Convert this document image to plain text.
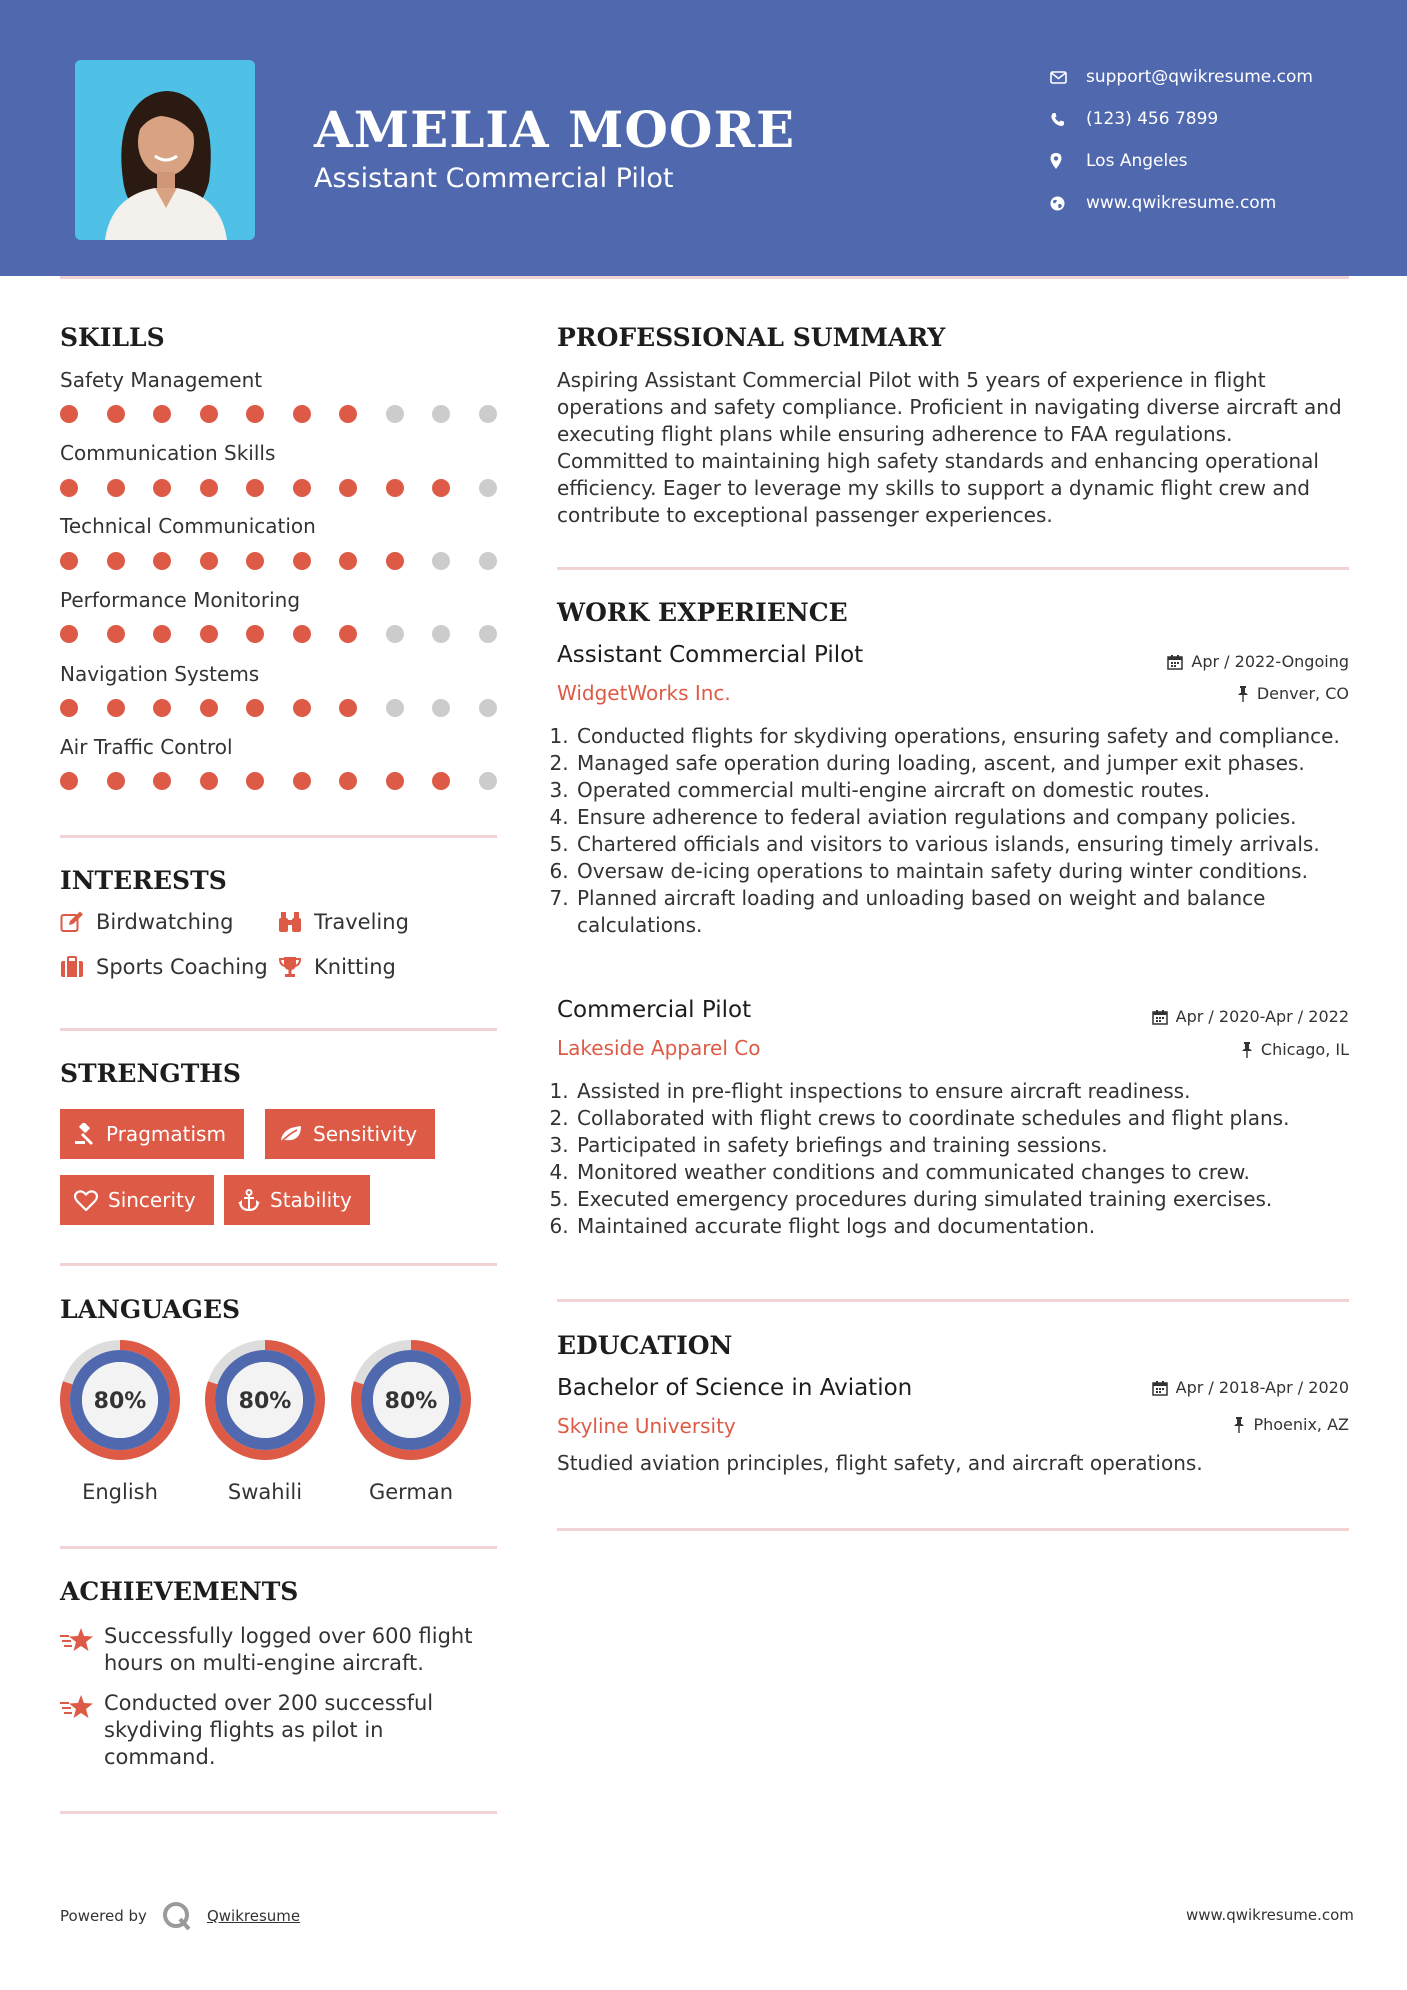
AMELIA MOORE
Assistant Commercial Pilot
support@qwikresume.com
(123) 456 7899
Los Angeles
www.qwikresume.com
SKILLS
Safety Management
Communication Skills
Technical Communication
Performance Monitoring
Navigation Systems
Air Traffic Control
INTERESTS
Birdwatching	Traveling
Sports Coaching Knitting
STRENGTHS
Pragmatism	Sensitivity
Sincerity	Stability
LANGUAGES
80%
English
80%
Swahili
80%
German
ACHIEVEMENTS
Successfully logged over 600 flight hours on multi-engine aircraft.
Conducted over 200 successful skydiving flights as pilot in command.
PROFESSIONAL SUMMARY
Aspiring Assistant Commercial Pilot with 5 years of experience in flight operations and safety compliance. Proficient in navigating diverse aircraft and executing flight plans while ensuring adherence to FAA regulations. Committed to maintaining high safety standards and enhancing operational efficiency. Eager to leverage my skills to support a dynamic flight crew and contribute to exceptional passenger experiences.
WORK EXPERIENCE
Assistant Commercial Pilot	Apr / 2022-Ongoing
WidgetWorks Inc.	Denver, CO
1. Conducted flights for skydiving operations, ensuring safety and compliance.
2. Managed safe operation during loading, ascent, and jumper exit phases.
3. Operated commercial multi-engine aircraft on domestic routes.
4. Ensure adherence to federal aviation regulations and company policies.
5. Chartered officials and visitors to various islands, ensuring timely arrivals.
6. Oversaw de-icing operations to maintain safety during winter conditions.
7. Planned aircraft loading and unloading based on weight and balance calculations.
Commercial Pilot	Apr / 2020-Apr / 2022
Lakeside Apparel Co	Chicago, IL
1. Assisted in pre-flight inspections to ensure aircraft readiness.
2. Collaborated with flight crews to coordinate schedules and flight plans.
3. Participated in safety briefings and training sessions.
4. Monitored weather conditions and communicated changes to crew.
5. Executed emergency procedures during simulated training exercises.
6. Maintained accurate flight logs and documentation.
EDUCATION
Bachelor of Science in Aviation	Apr / 2018-Apr / 2020
Skyline University	Phoenix, AZ
Studied aviation principles, flight safety, and aircraft operations.
Powered by	Qwikresume	www.qwikresume.com
